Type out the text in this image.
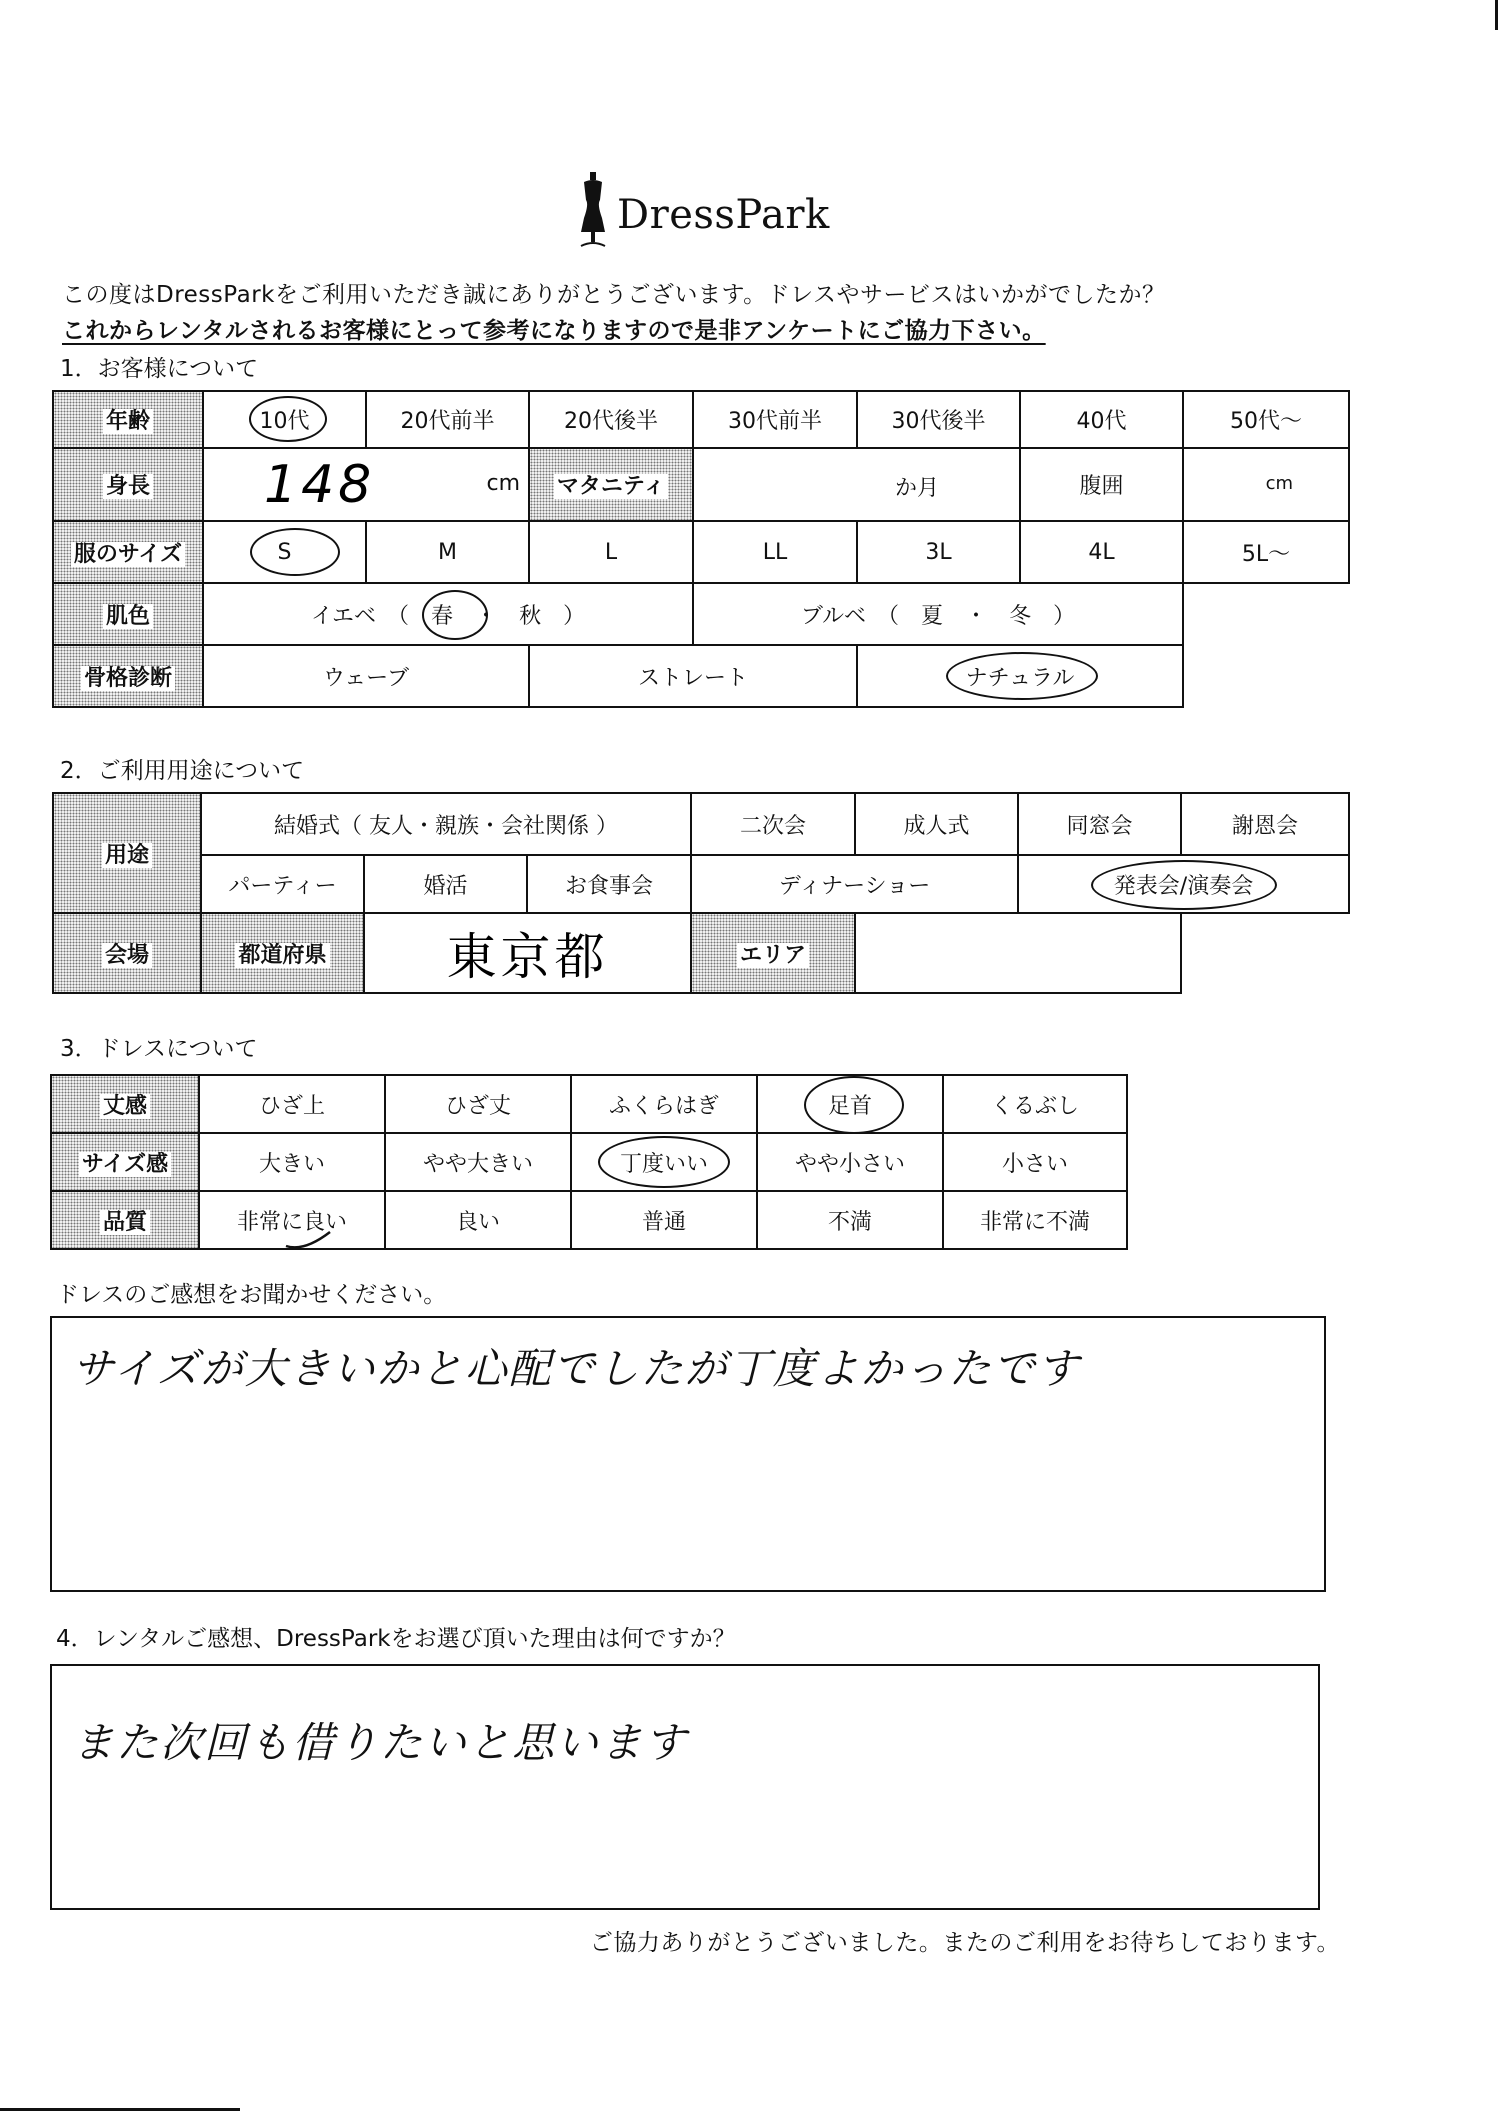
DressPark
この度はDressParkをご利用いただき誠にありがとうございます。ドレスやサービスはいかがでしたか？
これからレンタルされるお客様にとって参考になりますので是非アンケートにご協力下さい。
1．お客様について
年齢	10代	20代前半	20代後半	30代前半	30代後半	40代	50代～
身長	148 cm		マタニティ	か月		腹囲	cm

服のサイズ	S	M	L	LL	3L	4L	5L～
肌色	イエベ　（　春　・　秋　）			ブルベ　（　夏　・　冬　）			
骨格診断	ウェーブ		ストレート		ナチュラル	

2．ご利用用途について
用途	結婚式（ 友人・親族・会社関係 ）			二次会	成人式	同窓会	謝恩会
	パーティー	婚活	お食事会	ディナーショー		発表会/演奏会	

会場	都道府県	東京都		エリア			
3．ドレスについて
丈感	ひざ上	ひざ丈	ふくらはぎ	足首	くるぶし
サイズ感	大きい	やや大きい	丁度いい	やや小さい	小さい
品質	非常に良い	良い	普通	不満	非常に不満
ドレスのご感想をお聞かせください。
サイズが大きいかと心配でしたが丁度よかったです
4．レンタルご感想、DressParkをお選び頂いた理由は何ですか？
また次回も借りたいと思います
ご協力ありがとうございました。またのご利用をお待ちしております。
